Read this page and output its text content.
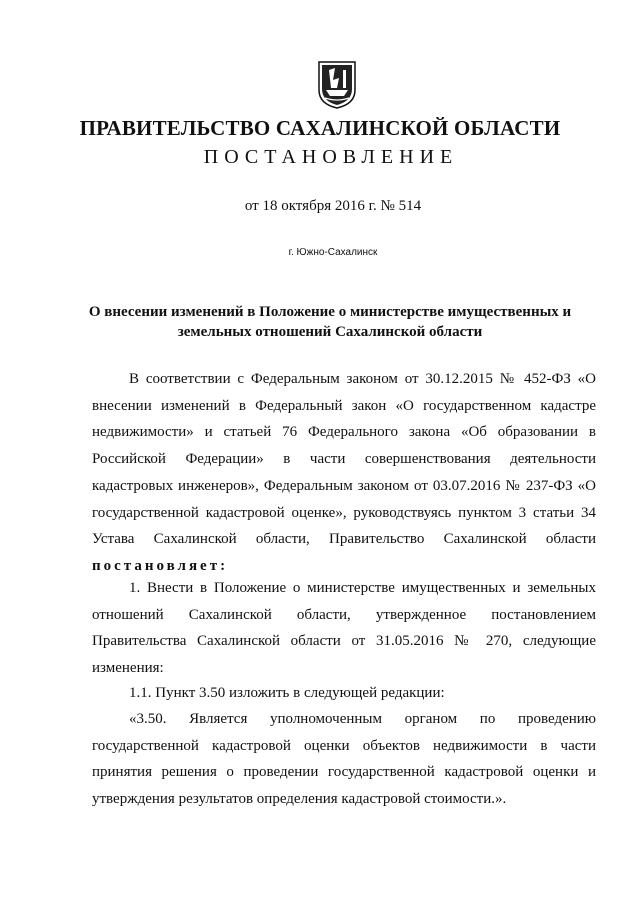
ПРАВИТЕЛЬСТВО САХАЛИНСКОЙ ОБЛАСТИ
ПОСТАНОВЛЕНИЕ
от 18 октября 2016 г. № 514
г. Южно-Сахалинск
О внесении изменений в Положение о министерстве имущественных и
земельных отношений Сахалинской области
В соответствии с Федеральным законом от 30.12.2015 № 452-ФЗ «О
внесении изменений в Федеральный закон «О государственном кадастре
недвижимости» и статьей 76 Федерального закона «Об образовании в
Российской Федерации» в части совершенствования деятельности
кадастровых инженеров», Федеральным законом от 03.07.2016 № 237-ФЗ «О
государственной кадастровой оценке», руководствуясь пунктом 3 статьи 34
Устава Сахалинской области, Правительство Сахалинской области
постановляет:
1. Внести в Положение о министерстве имущественных и земельных
отношений Сахалинской области, утвержденное постановлением
Правительства Сахалинской области от 31.05.2016 № 270, следующие
изменения:
1.1. Пункт 3.50 изложить в следующей редакции:
«3.50. Является уполномоченным органом по проведению
государственной кадастровой оценки объектов недвижимости в части
принятия решения о проведении государственной кадастровой оценки и
утверждения результатов определения кадастровой стоимости.».
